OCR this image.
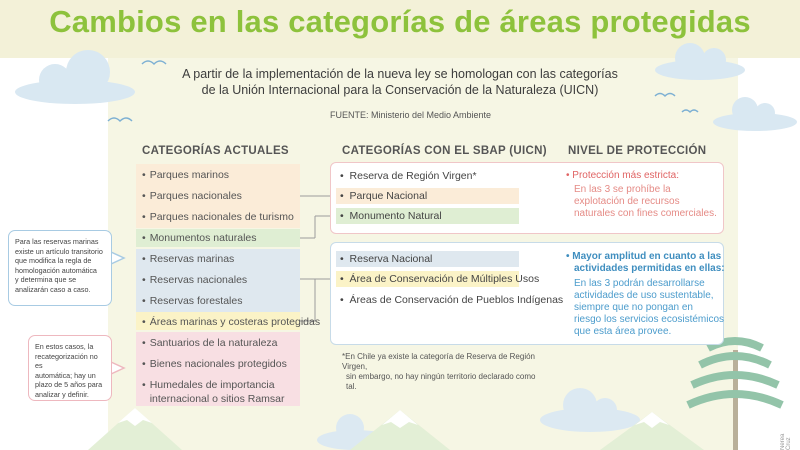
Cambios en las categorías de áreas protegidas
A partir de la implementación de la nueva ley se homologan con las categorías
de la Unión Internacional para la Conservación de la Naturaleza (UICN)
FUENTE: Ministerio del Medio Ambiente
CATEGORÍAS ACTUALES	CATEGORÍAS CON EL SBAP (UICN) NIVEL DE PROTECCIÓN
• Parques marinos
• Parques nacionales
• Parques nacionales de turismo
• Monumentos naturales
• Reservas marinas
• Reservas nacionales
• Reservas forestales
• Áreas marinas y costeras protegidas
• Santuarios de la naturaleza
• Bienes nacionales protegidos
• Humedales de importancia
internacional o sitios Ramsar
•  Reserva de Región Virgen*
•  Parque Nacional
•  Monumento Natural
• Protección más estricta:
En las 3 se prohíbe la
explotación de recursos
naturales con fines comerciales.
•  Reserva Nacional
•  Área de Conservación de Múltiples Usos
•  Áreas de Conservación de Pueblos Indígenas
• Mayor amplitud en cuanto a las
actividades permitidas en ellas:
En las 3 podrán desarrollarse
actividades de uso sustentable,
siempre que no pongan en
riesgo los servicios ecosistémicos
que esta área provee.
*En Chile ya existe la categoría de Reserva de Región Virgen,
sin embargo, no hay ningún territorio declarado como tal.
Para las reservas marinas
existe un artículo transitorio
que modifica la regla de
homologación automática
y determina que se
analizarán caso a caso.
En estos casos, la
recategorización no es
automática; hay un
plazo de 5 años para
analizar y definir.
Nerea Cruz
